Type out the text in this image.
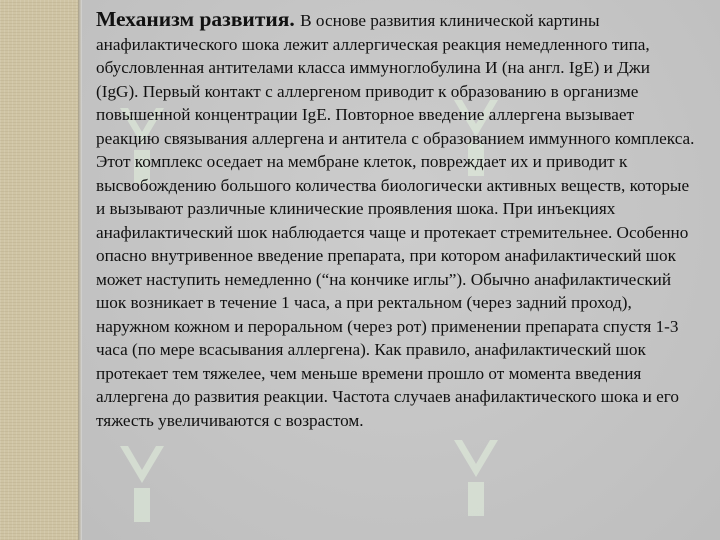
Механизм развития. В основе развития клинической картины анафилактического шока лежит аллергическая реакция немедленного типа, обусловленная антителами класса иммуноглобулина И (на англ. IgE) и Джи (IgG). Первый контакт с аллергеном приводит к образованию в организме повышенной концентрации IgE. Повторное введение аллергена вызывает реакцию связывания аллергена и антитела с образованием иммунного комплекса. Этот комплекс оседает на мембране клеток, повреждает их и приводит к высвобождению большого количества биологически активных веществ, которые и вызывают различные клинические проявления шока. При инъекциях анафилактический шок наблюдается чаще и протекает стремительнее. Особенно опасно внутривенное введение препарата, при котором анафилактический шок может наступить немедленно (“на кончике иглы”). Обычно анафилактический шок возникает в течение 1 часа, а при ректальном (через задний проход), наружном кожном и пероральном (через рот) применении препарата спустя 1-3 часа (по мере всасывания аллергена). Как правило, анафилактический шок протекает тем тяжелее, чем меньше времени прошло от момента введения аллергена до развития реакции. Частота случаев анафилактического шока и его тяжесть увеличиваются с возрастом.
